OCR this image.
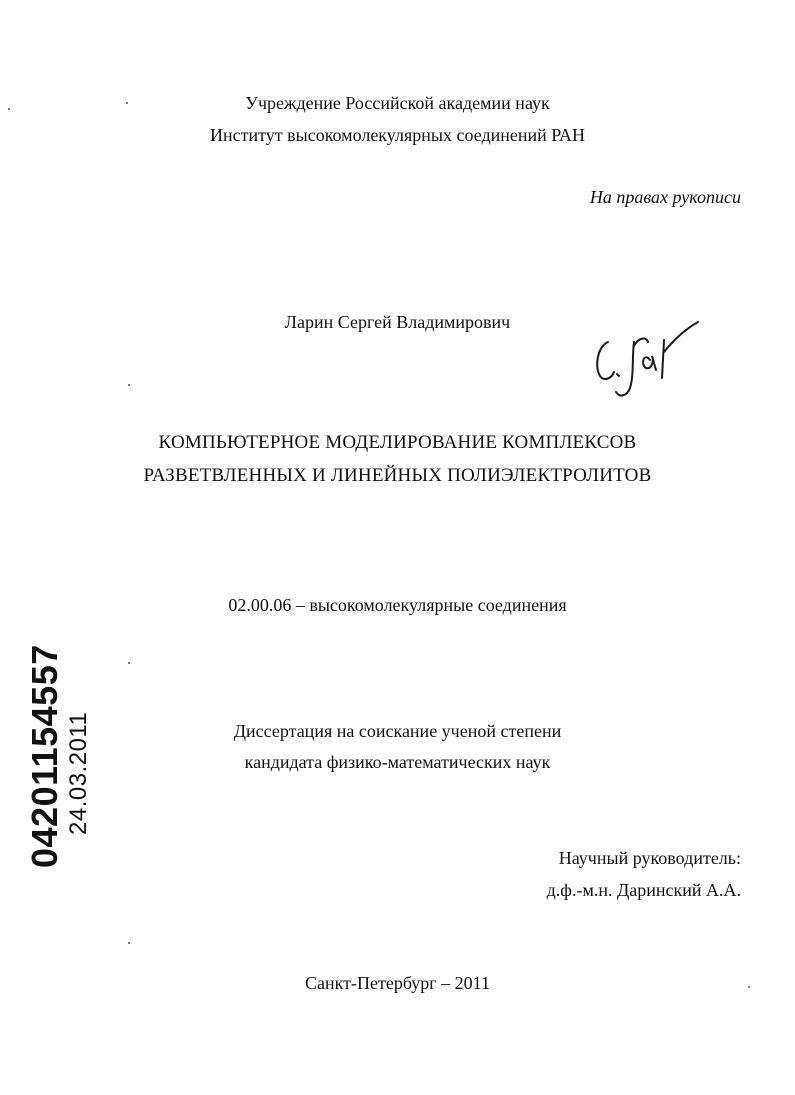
Учреждение Российской академии наук
Институт высокомолекулярных соединений РАН
На правах рукописи
Ларин Сергей Владимирович
КОМПЬЮТЕРНОЕ МОДЕЛИРОВАНИЕ КОМПЛЕКСОВ
РАЗВЕТВЛЕННЫХ И ЛИНЕЙНЫХ ПОЛИЭЛЕКТРОЛИТОВ
02.00.06 – высокомолекулярные соединения
Диссертация на соискание ученой степени
кандидата физико-математических наук
Научный руководитель:
д.ф.-м.н. Даринский А.А.
Санкт-Петербург – 2011
04201154557 24.03.2011
